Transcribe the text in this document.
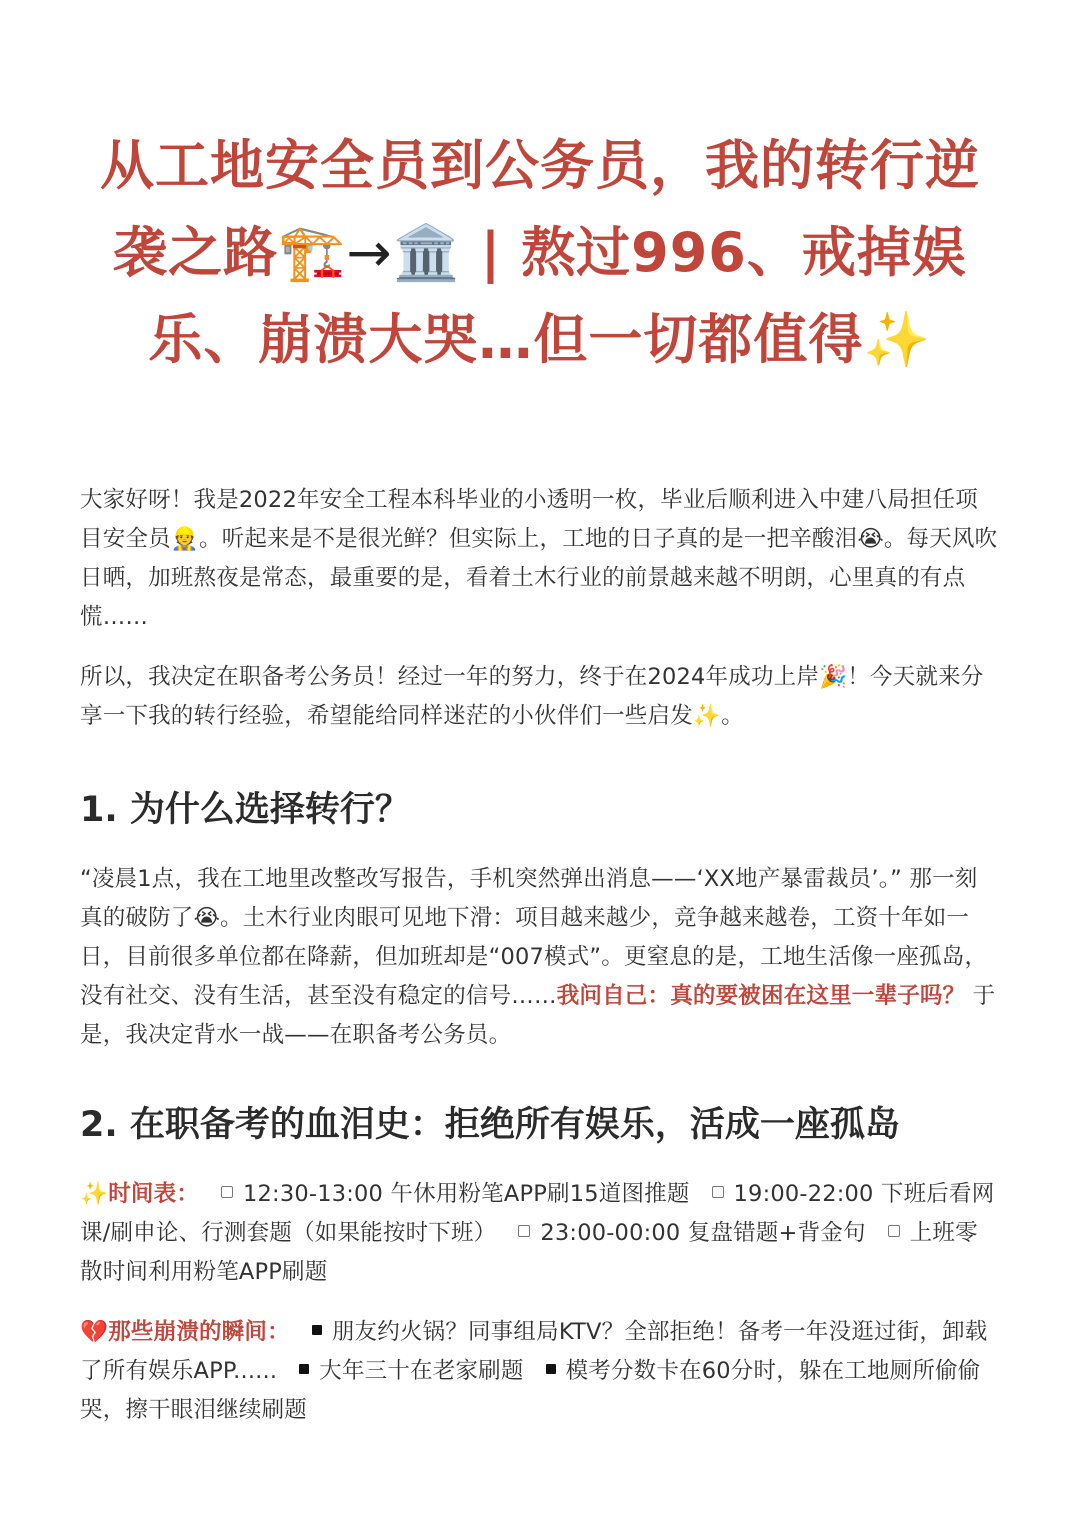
从工地安全员到公务员，我的转行逆
袭之路🏗️→🏛️ | 熬过996、戒掉娱
乐、崩溃大哭…但一切都值得✨

大家好呀！我是2022年安全工程本科毕业的小透明一枚，毕业后顺利进入中建八局担任项目安全员👷。听起来是不是很光鲜？但实际上，工地的日子真的是一把辛酸泪😭。每天风吹日晒，加班熬夜是常态，最重要的是，看着土木行业的前景越来越不明朗，心里真的有点慌……

所以，我决定在职备考公务员！经过一年的努力，终于在2024年成功上岸🎉！今天就来分享一下我的转行经验，希望能给同样迷茫的小伙伴们一些启发✨。

1. 为什么选择转行？

“凌晨1点，我在工地里改整改写报告，手机突然弹出消息——‘XX地产暴雷裁员’。” 那一刻真的破防了😭。土木行业肉眼可见地下滑：项目越来越少，竞争越来越卷，工资十年如一日，目前很多单位都在降薪，但加班却是“007模式”。更窒息的是，工地生活像一座孤岛，没有社交、没有生活，甚至没有稳定的信号……我问自己：真的要被困在这里一辈子吗？ 于是，我决定背水一战——在职备考公务员。

2. 在职备考的血泪史：拒绝所有娱乐，活成一座孤岛

✨时间表： 12:30-13:00 午休用粉笔APP刷15道图推题 19:00-22:00 下班后看网课/刷申论、行测套题（如果能按时下班） 23:00-00:00 复盘错题+背金句 上班零散时间利用粉笔APP刷题

💔那些崩溃的瞬间： 朋友约火锅？同事组局KTV？全部拒绝！备考一年没逛过街，卸载了所有娱乐APP...... 大年三十在老家刷题 模考分数卡在60分时，躲在工地厕所偷偷哭，擦干眼泪继续刷题
